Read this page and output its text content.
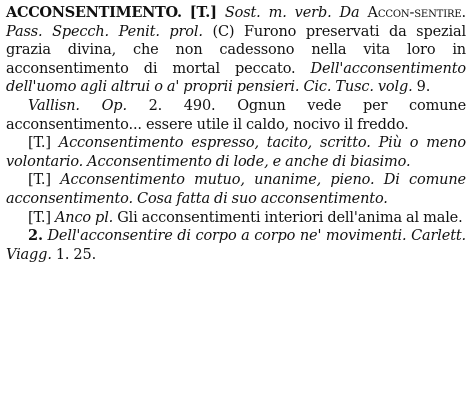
ACCONSENTIMENTO. [T.] Sost. m. verb. Da Accon-sentire. Pass. Specch. Penit. prol. (C) Furono preservati da spezial grazia divina, che non cadessono nella vita loro in acconsentimento di mortal peccato. Dell'acconsentimento dell'uomo agli altrui o a' proprii pensieri. Cic. Tusc. volg. 9.

Vallisn. Op. 2. 490. Ognun vede per comune acconsentimento... essere utile il caldo, nocivo il freddo.

[T.] Acconsentimento espresso, tacito, scritto. Più o meno volontario. Acconsentimento di lode, e anche di biasimo.

[T.] Acconsentimento mutuo, unanime, pieno. Di comune acconsentimento. Cosa fatta di suo acconsentimento.

[T.] Anco pl. Gli acconsentimenti interiori dell'anima al male.

2. Dell'acconsentire di corpo a corpo ne' movimenti. Carlett. Viagg. 1. 25.
